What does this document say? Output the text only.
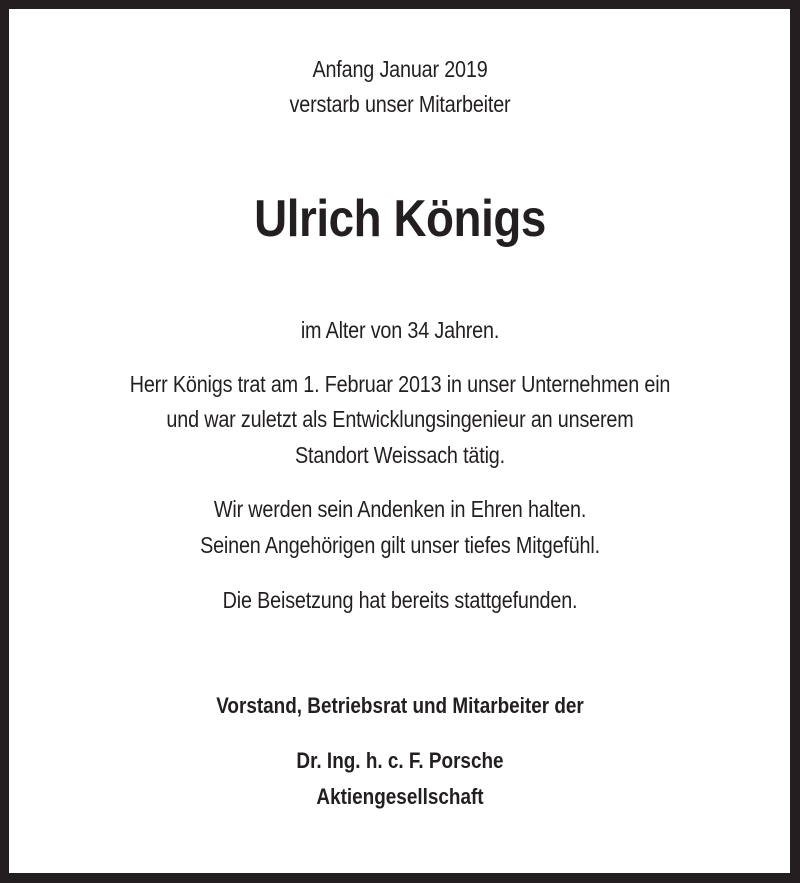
Anfang Januar 2019
verstarb unser Mitarbeiter
Ulrich Königs
im Alter von 34 Jahren.
Herr Königs trat am 1. Februar 2013 in unser Unternehmen ein
und war zuletzt als Entwicklungsingenieur an unserem
Standort Weissach tätig.
Wir werden sein Andenken in Ehren halten.
Seinen Angehörigen gilt unser tiefes Mitgefühl.
Die Beisetzung hat bereits stattgefunden.
Vorstand, Betriebsrat und Mitarbeiter der
Dr. Ing. h. c. F. Porsche
Aktiengesellschaft
